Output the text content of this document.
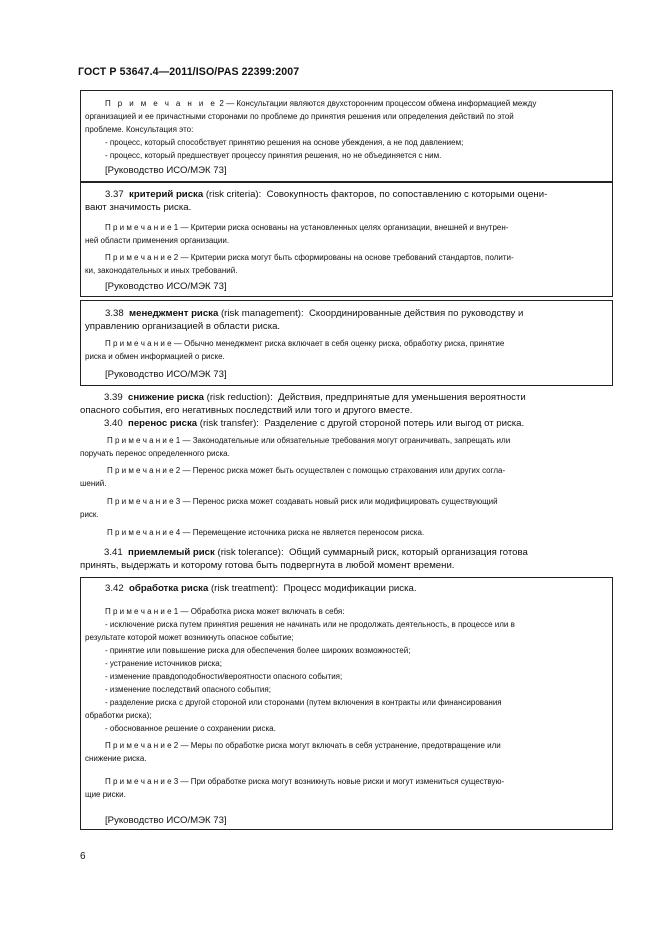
ГОСТ Р 53647.4—2011/ISO/PAS 22399:2007

П р и м е ч а н и е 2 — Консультации являются двухсторонним процессом обмена информацией между
организацией и ее причастными сторонами по проблеме до принятия решения или определения действий по этой
проблеме. Консультация это:
- процесс, который способствует принятию решения на основе убеждения, а не под давлением;
- процесс, который предшествует процессу принятия решения, но не объединяется с ним.

[Руководство ИСО/МЭК 73]

3.37 критерий риска (risk criteria): Совокупность факторов, по сопоставлению с которыми оцени-
вают значимость риска.

П р и м е ч а н и е 1 — Критерии риска основаны на установленных целях организации, внешней и внутрен-
ней области применения организации.

П р и м е ч а н и е 2 — Критерии риска могут быть сформированы на основе требований стандартов, полити-
ки, законодательных и иных требований.

[Руководство ИСО/МЭК 73]

3.38 менеджмент риска (risk management): Скоординированные действия по руководству и
управлению организацией в области риска.

П р и м е ч а н и е — Обычно менеджмент риска включает в себя оценку риска, обработку риска, принятие
риска и обмен информацией о риске.

[Руководство ИСО/МЭК 73]

3.39 снижение риска (risk reduction): Действия, предпринятые для уменьшения вероятности
опасного события, его негативных последствий или того и другого вместе.

3.40 перенос риска (risk transfer): Разделение с другой стороной потерь или выгод от риска.

П р и м е ч а н и е 1 — Законодательные или обязательные требования могут ограничивать, запрещать или
поручать перенос определенного риска.

П р и м е ч а н и е 2 — Перенос риска может быть осуществлен с помощью страхования или других согла-
шений.

П р и м е ч а н и е 3 — Перенос риска может создавать новый риск или модифицировать существующий
риск.

П р и м е ч а н и е 4 — Перемещение источника риска не является переносом риска.

3.41 приемлемый риск (risk tolerance): Общий суммарный риск, который организация готова
принять, выдержать и которому готова быть подвергнута в любой момент времени.

3.42 обработка риска (risk treatment): Процесс модификации риска.

П р и м е ч а н и е 1 — Обработка риска может включать в себя:
- исключение риска путем принятия решения не начинать или не продолжать деятельность, в процессе или в
результате которой может возникнуть опасное событие;
- принятие или повышение риска для обеспечения более широких возможностей;
- устранение источников риска;
- изменение правдоподобности/вероятности опасного события;
- изменение последствий опасного события;
- разделение риска с другой стороной или сторонами (путем включения в контракты или финансирования
обработки риска);
- обоснованное решение о сохранении риска.

П р и м е ч а н и е 2 — Меры по обработке риска могут включать в себя устранение, предотвращение или
снижение риска.

П р и м е ч а н и е 3 — При обработке риска могут возникнуть новые риски и могут измениться существую-
щие риски.

[Руководство ИСО/МЭК 73]
6
